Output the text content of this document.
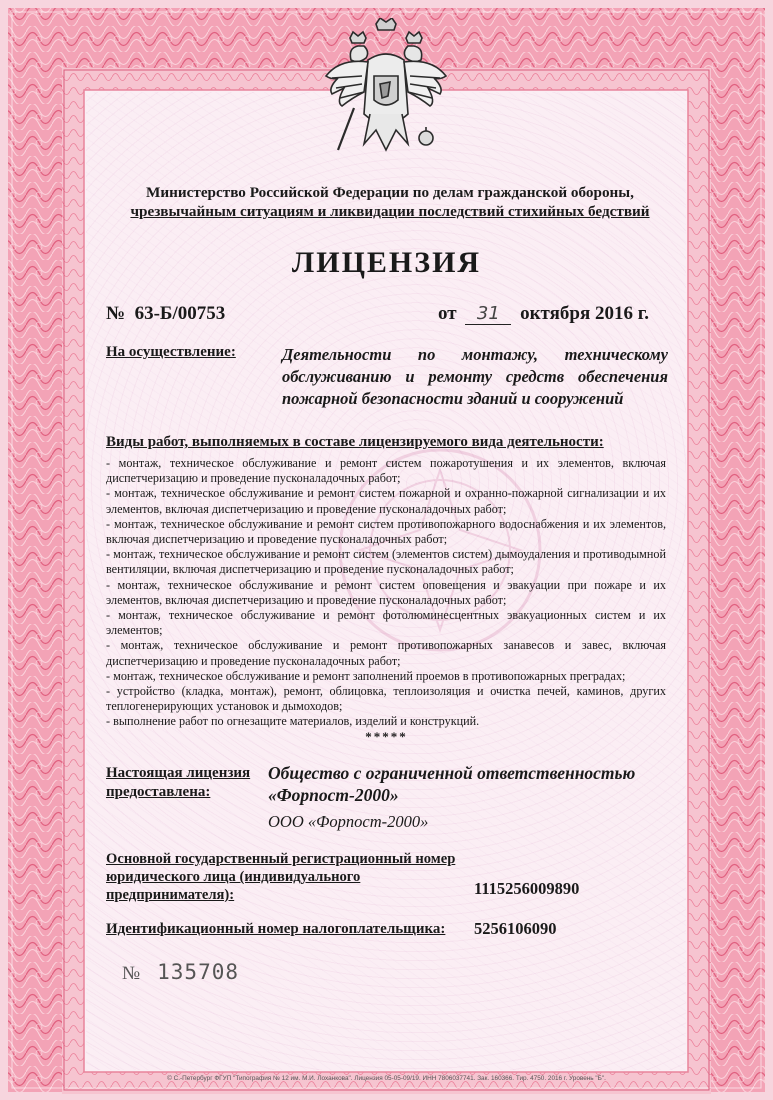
Министерство Российской Федерации по делам гражданской обороны,
чрезвычайным ситуациям и ликвидации последствий стихийных бедствий
ЛИЦЕНЗИЯ
№ 63-Б/00753	от 31 октября 2016 г.
На осуществление:	Деятельности по монтажу, техническому обслуживанию и ремонту средств обеспечения пожарной безопасности зданий и сооружений
Виды работ, выполняемых в составе лицензируемого вида деятельности:
- монтаж, техническое обслуживание и ремонт систем пожаротушения и их элементов, включая диспетчеризацию и проведение пусконаладочных работ;
- монтаж, техническое обслуживание и ремонт систем пожарной и охранно-пожарной сигнализации и их элементов, включая диспетчеризацию и проведение пусконаладочных работ;
- монтаж, техническое обслуживание и ремонт систем противопожарного водоснабжения и их элементов, включая диспетчеризацию и проведение пусконаладочных работ;
- монтаж, техническое обслуживание и ремонт систем (элементов систем) дымоудаления и противодымной вентиляции, включая диспетчеризацию и проведение пусконаладочных работ;
- монтаж, техническое обслуживание и ремонт систем оповещения и эвакуации при пожаре и их элементов, включая диспетчеризацию и проведение пусконаладочных работ;
- монтаж, техническое обслуживание и ремонт фотолюминесцентных эвакуационных систем и их элементов;
- монтаж, техническое обслуживание и ремонт противопожарных занавесов и завес, включая диспетчеризацию и проведение пусконаладочных работ;
- монтаж, техническое обслуживание и ремонт заполнений проемов в противопожарных преградах;
- устройство (кладка, монтаж), ремонт, облицовка, теплоизоляция и очистка печей, каминов, других теплогенерирующих установок и дымоходов;
- выполнение работ по огнезащите материалов, изделий и конструкций.
*****
Настоящая лицензия предоставлена:
Общество с ограниченной ответственностью «Форпост-2000»
ООО «Форпост-2000»
Основной государственный регистрационный номер юридического лица (индивидуального предпринимателя):	1115256009890
Идентификационный номер налогоплательщика: 5256106090
№ 135708
© С.-Петербург ФГУП "Типография № 12 им. М.И. Лоханкова". Лицензия 05-05-09/19. ИНН 7806037741. Зак. 160366. Тир. 4750. 2016 г. Уровень "Б".
